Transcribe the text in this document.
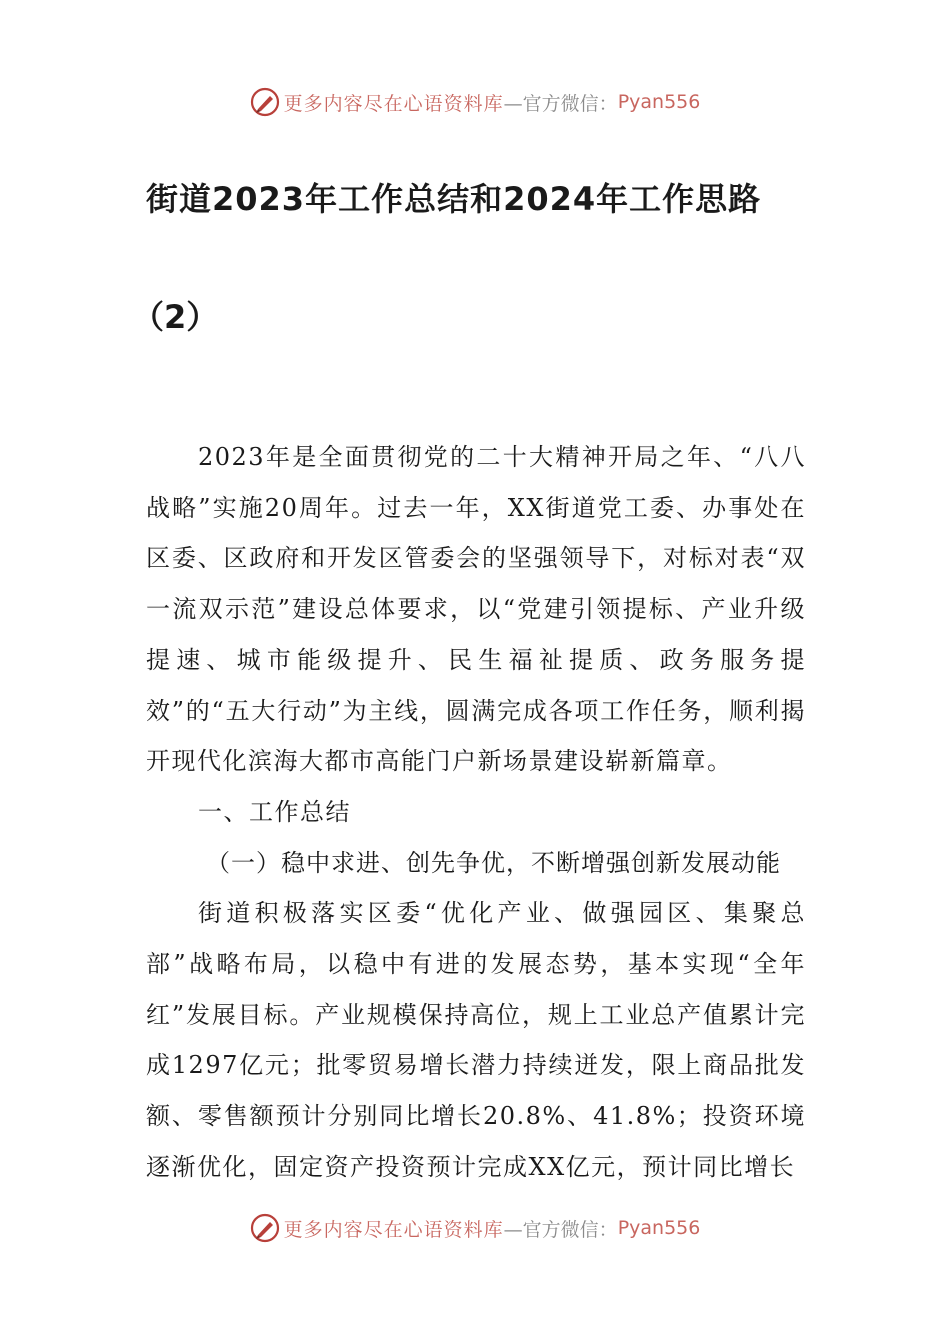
更多内容尽在心语资料库 —官方微信： Pyan556
街道2023年工作总结和2024年工作思路
（2）

2023年是全面贯彻党的二十大精神开局之年、“八八战略”实施20周年。过去一年，XX街道党工委、办事处在区委、区政府和开发区管委会的坚强领导下，对标对表“双一流双示范”建设总体要求，以“党建引领提标、产业升级提速、城市能级提升、民生福祉提质、政务服务提效”的“五大行动”为主线，圆满完成各项工作任务，顺利揭开现代化滨海大都市高能门户新场景建设崭新篇章。

一、工作总结

（一）稳中求进、创先争优，不断增强创新发展动能

街道积极落实区委“优化产业、做强园区、集聚总部”战略布局，以稳中有进的发展态势，基本实现“全年红”发展目标。产业规模保持高位，规上工业总产值累计完成1297亿元；批零贸易增长潜力持续迸发，限上商品批发额、零售额预计分别同比增长20.8%、41.8%；投资环境逐渐优化，固定资产投资预计完成XX亿元，预计同比增长

更多内容尽在心语资料库 —官方微信： Pyan556
